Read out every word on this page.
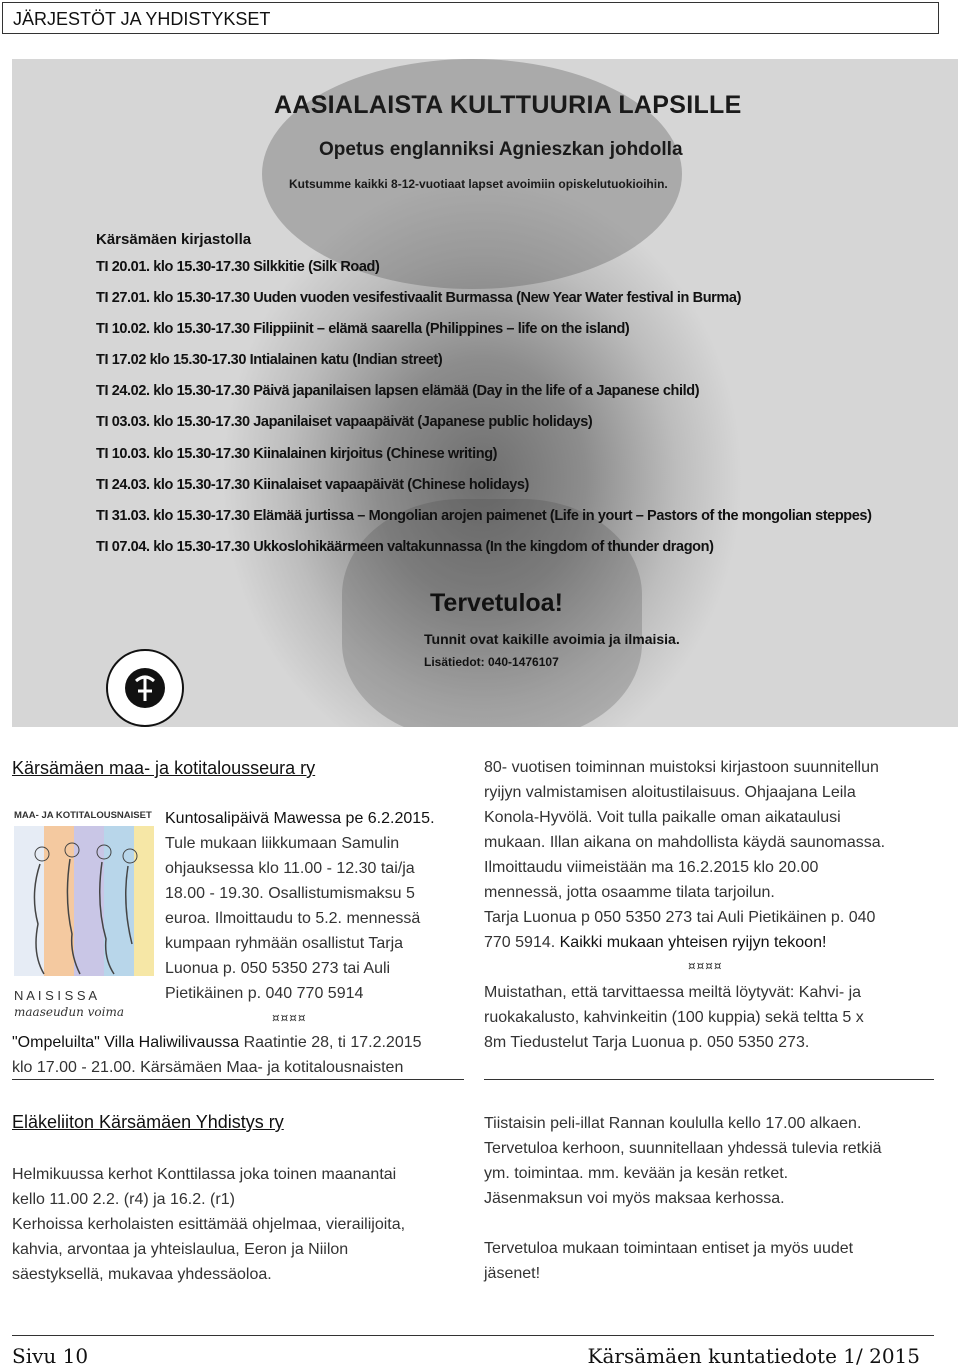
JÄRJESTÖT JA YHDISTYKSET
AASIALAISTA KULTTUURIA LAPSILLE
Opetus englanniksi Agnieszkan johdolla
Kutsumme kaikki 8-12-vuotiaat lapset avoimiin opiskelutuokioihin.
Kärsämäen kirjastolla
TI 20.01. klo 15.30-17.30 Silkkitie (Silk Road)
TI 27.01. klo 15.30-17.30 Uuden vuoden vesifestivaalit Burmassa (New Year Water festival in Burma)
TI 10.02. klo 15.30-17.30 Filippiinit – elämä saarella (Philippines – life on the island)
TI 17.02 klo 15.30-17.30 Intialainen katu (Indian street)
TI 24.02. klo 15.30-17.30 Päivä japanilaisen lapsen elämää (Day in the life of a Japanese child)
TI 03.03. klo 15.30-17.30 Japanilaiset vapaapäivät (Japanese public holidays)
TI 10.03. klo 15.30-17.30 Kiinalainen kirjoitus (Chinese writing)
TI 24.03. klo 15.30-17.30 Kiinalaiset vapaapäivät (Chinese holidays)
TI 31.03. klo 15.30-17.30 Elämää jurtissa – Mongolian arojen paimenet (Life in yourt – Pastors of the mongolian steppes)
TI 07.04. klo 15.30-17.30 Ukkoslohikäärmeen valtakunnassa (In the kingdom of thunder dragon)
Tervetuloa!
Tunnit ovat kaikille avoimia ja ilmaisia.
Lisätiedot: 040-1476107
Kärsämäen maa- ja kotitalousseura ry
MAA- JA KOTITALOUSNAISET
N A I S I S S A
maaseudun voima
Kuntosalipäivä Mawessa pe 6.2.2015.
Tule mukaan liikkumaan Samulin
ohjauksessa klo 11.00 - 12.30 tai/ja
18.00 - 19.30. Osallistumismaksu 5
euroa. Ilmoittaudu to 5.2. mennessä
kumpaan ryhmään osallistut Tarja
Luonua p. 050 5350 273 tai Auli
Pietikäinen p. 040 770 5914
¤¤¤¤
"Ompeluilta" Villa Haliwilivaussa Raatintie 28, ti 17.2.2015
klo 17.00 - 21.00. Kärsämäen Maa- ja kotitalousnaisten
80- vuotisen toiminnan muistoksi kirjastoon suunnitellun
ryijyn valmistamisen aloitustilaisuus. Ohjaajana Leila
Konola-Hyvölä. Voit tulla paikalle oman aikataulusi
mukaan. Illan aikana on mahdollista käydä saunomassa.
Ilmoittaudu viimeistään ma 16.2.2015 klo 20.00
mennessä, jotta osaamme tilata tarjoilun.
Tarja Luonua p 050 5350 273 tai Auli Pietikäinen p. 040
770 5914. Kaikki mukaan yhteisen ryijyn tekoon!
¤¤¤¤
Muistathan, että tarvittaessa meiltä löytyvät: Kahvi- ja
ruokakalusto, kahvinkeitin (100 kuppia) sekä teltta 5 x
8m Tiedustelut Tarja Luonua p. 050 5350 273.
Eläkeliiton Kärsämäen Yhdistys ry
Helmikuussa kerhot Konttilassa joka toinen maanantai
kello 11.00 2.2. (r4) ja 16.2. (r1)
Kerhoissa kerholaisten esittämää ohjelmaa, vierailijoita,
kahvia, arvontaa ja yhteislaulua, Eeron ja Niilon
säestyksellä, mukavaa yhdessäoloa.
Tiistaisin peli-illat Rannan koululla kello 17.00 alkaen.
Tervetuloa kerhoon, suunnitellaan yhdessä tulevia retkiä
ym. toimintaa. mm. kevään ja kesän retket.
Jäsenmaksun voi myös maksaa kerhossa.
Tervetuloa mukaan toimintaan entiset ja myös uudet
jäsenet!
Sivu 10	Kärsämäen kuntatiedote 1/ 2015
